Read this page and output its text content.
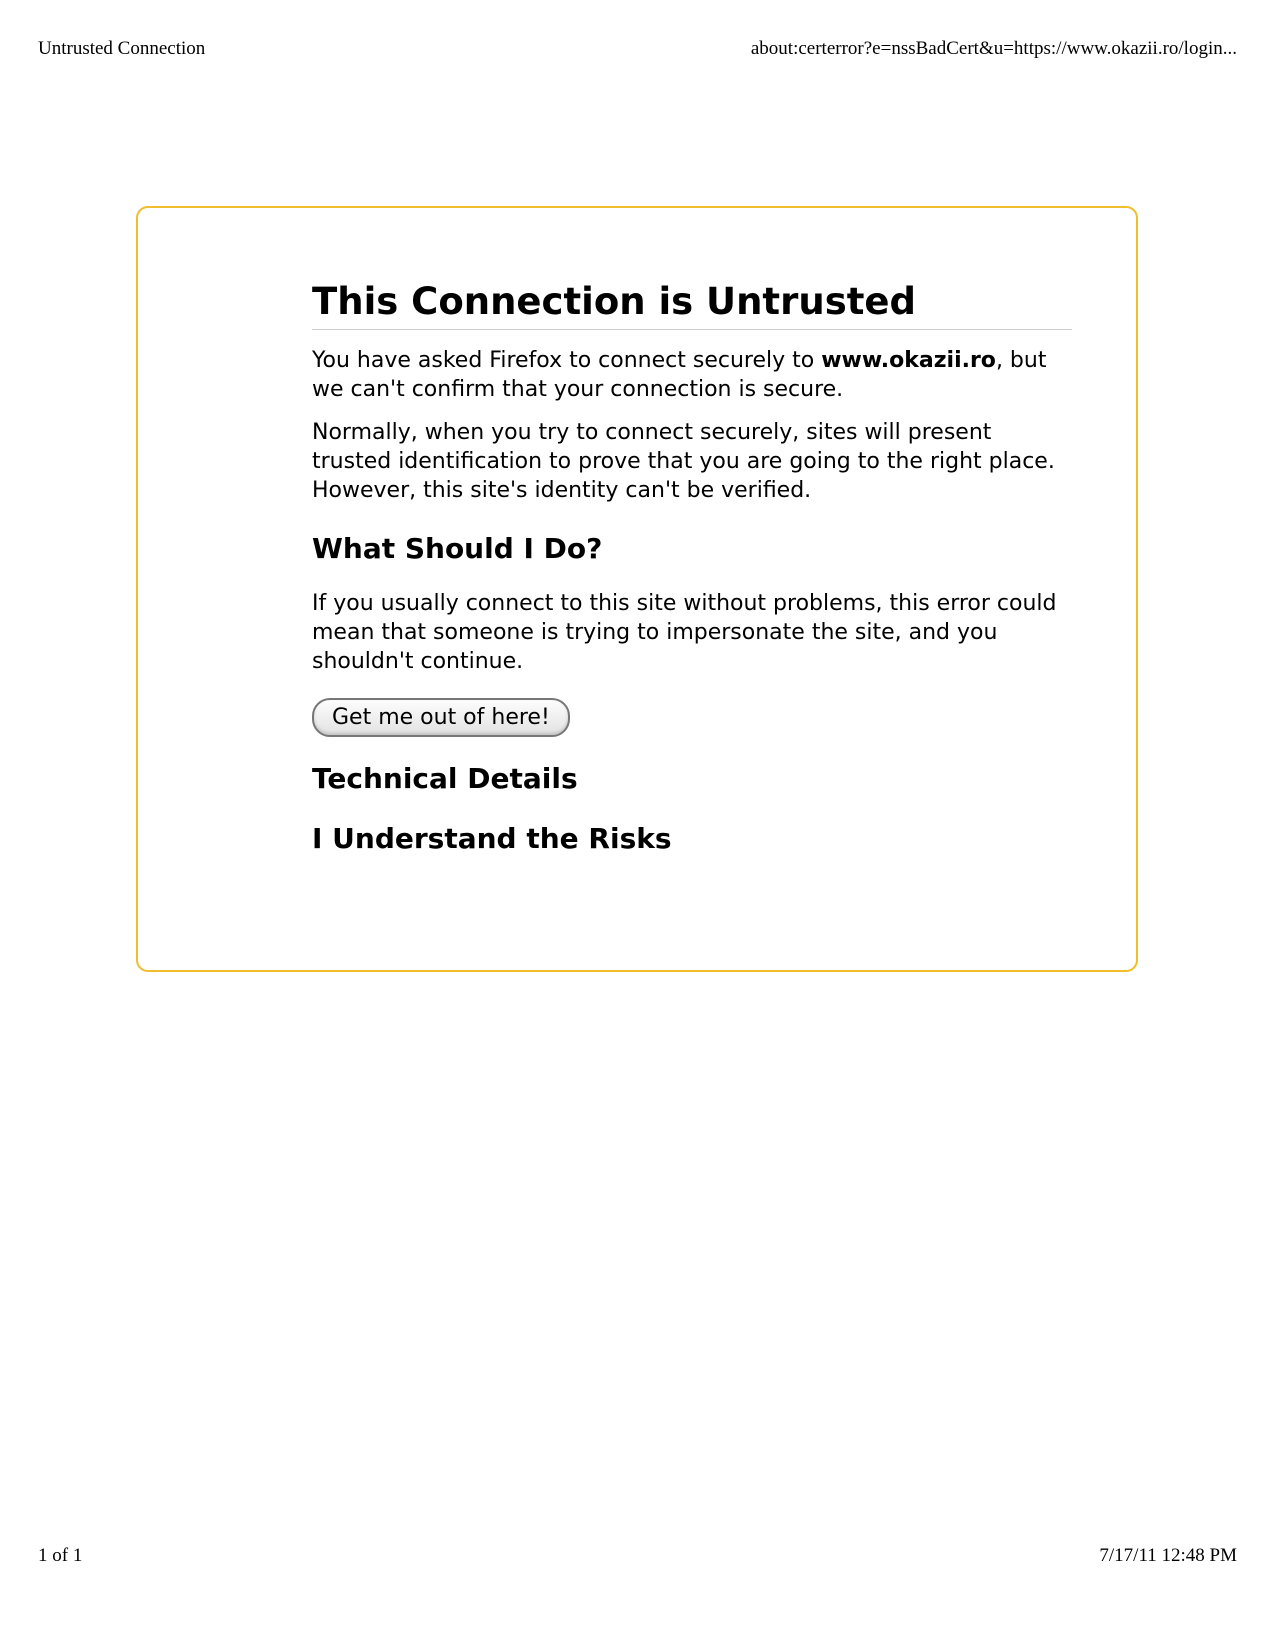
Untrusted Connection	about:certerror?e=nssBadCert&u=https://www.okazii.ro/login...
This Connection is Untrusted

You have asked Firefox to connect securely to www.okazii.ro, but we can't confirm that your connection is secure.

Normally, when you try to connect securely, sites will present trusted identification to prove that you are going to the right place. However, this site's identity can't be verified.

What Should I Do?

If you usually connect to this site without problems, this error could mean that someone is trying to impersonate the site, and you shouldn't continue.

Get me out of here!
Technical Details
I Understand the Risks
1 of 1	7/17/11 12:48 PM
